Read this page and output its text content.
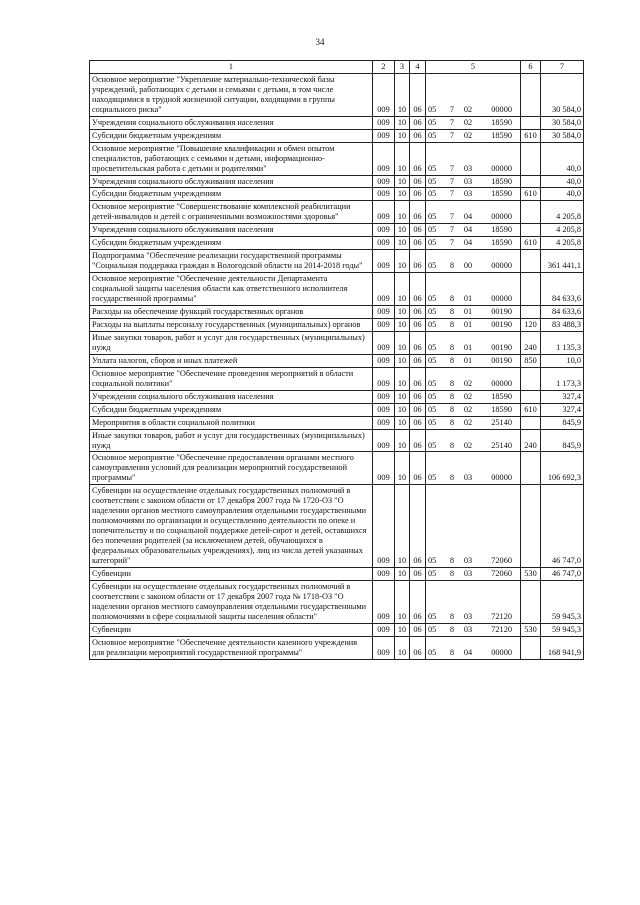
34
1	2	3	4	5	6	7
Основное мероприятие "Укрепление материально-технической базы учреждений, работающих с детьми и семьями с детьми, в том числе находящимися в трудной жизненной ситуации, входящими в группы социального риска"	009	10	06	05 7 02 00000		30 584,0
Учреждения социального обслуживания населения	009	10	06	05 7 02 18590		30 584,0
Субсидии бюджетным учреждениям	009	10	06	05 7 02 18590	610	30 584,0
Основное мероприятие "Повышение квалификации и обмен опытом специалистов, работающих с семьями и детьми, информационно-просветительская работа с детьми и родителями"	009	10	06	05 7 03 00000		40,0
Учреждения социального обслуживания населения	009	10	06	05 7 03 18590		40,0
Субсидии бюджетным учреждениям	009	10	06	05 7 03 18590	610	40,0
Основное мероприятие "Совершенствование комплексной реабилитации детей-инвалидов и детей с ограниченными возможностями здоровья"	009	10	06	05 7 04 00000		4 205,8
Учреждения социального обслуживания населения	009	10	06	05 7 04 18590		4 205,8
Субсидии бюджетным учреждениям	009	10	06	05 7 04 18590	610	4 205,8
Подпрограмма "Обеспечение реализации государственной программы "Социальная поддержка граждан в Вологодской области на 2014-2018 годы"	009	10	06	05 8 00 00000		361 441,1
Основное мероприятие "Обеспечение деятельности Департамента социальной защиты населения области как ответственного исполнителя государственной программы"	009	10	06	05 8 01 00000		84 633,6
Расходы на обеспечение функций государственных органов	009	10	06	05 8 01 00190		84 633,6
Расходы на выплаты персоналу государственных (муниципальных) органов	009	10	06	05 8 01 00190	120	83 488,3
Иные закупки товаров, работ и услуг для государственных (муниципальных) нужд	009	10	06	05 8 01 00190	240	1 135,3
Уплата налогов, сборов и иных платежей	009	10	06	05 8 01 00190	850	10,0
Основное мероприятие "Обеспечение проведения мероприятий в области социальной политики"	009	10	06	05 8 02 00000		1 173,3
Учреждения социального обслуживания населения	009	10	06	05 8 02 18590		327,4
Субсидии бюджетным учреждениям	009	10	06	05 8 02 18590	610	327,4
Мероприятия в области социальной политики	009	10	06	05 8 02 25140		845,9
Иные закупки товаров, работ и услуг для государственных (муниципальных) нужд	009	10	06	05 8 02 25140	240	845,9
Основное мероприятие "Обеспечение предоставления органами местного самоуправления условий для реализации мероприятий государственной программы"	009	10	06	05 8 03 00000		106 692,3
Субвенции на осуществление отдельных государственных полномочий в соответствии с законом области от 17 декабря 2007 года № 1720-ОЗ "О наделении органов местного самоуправления отдельными государственными полномочиями по организации и осуществлению деятельности по опеке и попечительству и по социальной поддержке детей-сирот и детей, оставшихся без попечения родителей (за исключением детей, обучающихся в федеральных образовательных учреждениях), лиц из числа детей указанных категорий"	009	10	06	05 8 03 72060		46 747,0
Субвенции	009	10	06	05 8 03 72060	530	46 747,0
Субвенции на осуществление отдельных государственных полномочий в соответствии с законом области от 17 декабря 2007 года № 1718-ОЗ "О наделении органов местного самоуправления отдельными государственными полномочиями в сфере социальной защиты населения области"	009	10	06	05 8 03 72120		59 945,3
Субвенции	009	10	06	05 8 03 72120	530	59 945,3
Основное мероприятие "Обеспечение деятельности казенного учреждения для реализации мероприятий государственной программы"	009	10	06	05 8 04 00000		168 941,9
